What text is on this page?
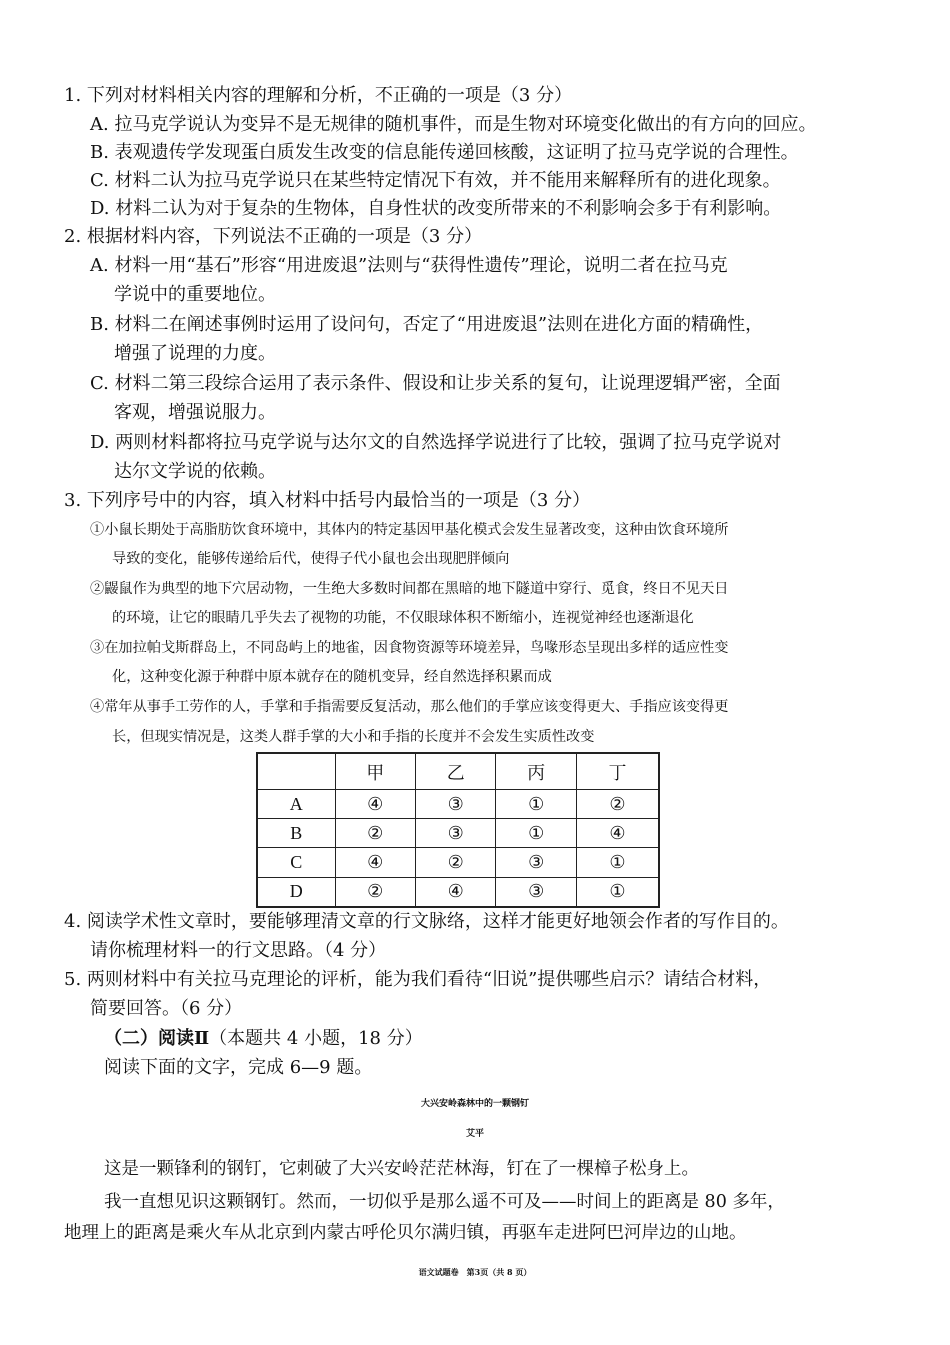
1. 下列对材料相关内容的理解和分析，不正确的一项是（3 分）
A. 拉马克学说认为变异不是无规律的随机事件，而是生物对环境变化做出的有方向的回应。
B. 表观遗传学发现蛋白质发生改变的信息能传递回核酸，这证明了拉马克学说的合理性。
C. 材料二认为拉马克学说只在某些特定情况下有效，并不能用来解释所有的进化现象。
D. 材料二认为对于复杂的生物体，自身性状的改变所带来的不利影响会多于有利影响。
2. 根据材料内容，下列说法不正确的一项是（3 分）
A. 材料一用“基石”形容“用进废退”法则与“获得性遗传”理论，说明二者在拉马克
学说中的重要地位。
B. 材料二在阐述事例时运用了设问句，否定了“用进废退”法则在进化方面的精确性，
增强了说理的力度。
C. 材料二第三段综合运用了表示条件、假设和让步关系的复句，让说理逻辑严密，全面
客观，增强说服力。
D. 两则材料都将拉马克学说与达尔文的自然选择学说进行了比较，强调了拉马克学说对
达尔文学说的依赖。
3. 下列序号中的内容，填入材料中括号内最恰当的一项是（3 分）
①小鼠长期处于高脂肪饮食环境中，其体内的特定基因甲基化模式会发生显著改变，这种由饮食环境所
导致的变化，能够传递给后代，使得子代小鼠也会出现肥胖倾向
②鼹鼠作为典型的地下穴居动物，一生绝大多数时间都在黑暗的地下隧道中穿行、觅食，终日不见天日
的环境，让它的眼睛几乎失去了视物的功能，不仅眼球体积不断缩小，连视觉神经也逐渐退化
③在加拉帕戈斯群岛上，不同岛屿上的地雀，因食物资源等环境差异，鸟喙形态呈现出多样的适应性变
化，这种变化源于种群中原本就存在的随机变异，经自然选择积累而成
④常年从事手工劳作的人，手掌和手指需要反复活动，那么他们的手掌应该变得更大、手指应该变得更
长，但现实情况是，这类人群手掌的大小和手指的长度并不会发生实质性改变
	甲	乙	丙	丁
A	④	③	①	②
B	②	③	①	④
C	④	②	③	①
D	②	④	③	①
4. 阅读学术性文章时，要能够理清文章的行文脉络，这样才能更好地领会作者的写作目的。
请你梳理材料一的行文思路。（4 分）
5. 两则材料中有关拉马克理论的评析，能为我们看待“旧说”提供哪些启示？请结合材料，
简要回答。（6 分）
（二）阅读Ⅱ（本题共 4 小题，18 分）
阅读下面的文字，完成 6—9 题。
大兴安岭森林中的一颗钢钉
艾平
这是一颗锋利的钢钉，它刺破了大兴安岭茫茫林海，钉在了一棵樟子松身上。
我一直想见识这颗钢钉。然而，一切似乎是那么遥不可及——时间上的距离是 80 多年，
地理上的距离是乘火车从北京到内蒙古呼伦贝尔满归镇，再驱车走进阿巴河岸边的山地。
语文试题卷　第3页（共 8 页）
